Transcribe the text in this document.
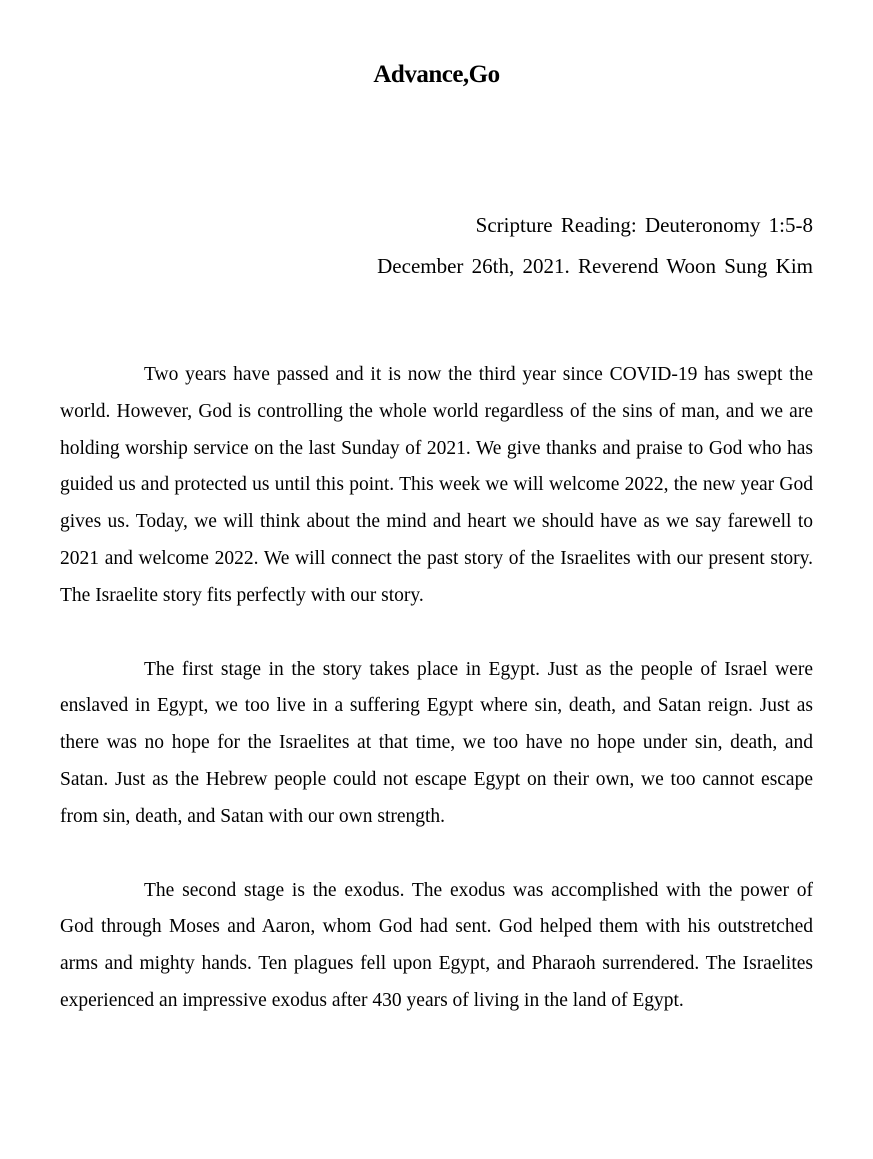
Advance,Go
Scripture Reading: Deuteronomy 1:5-8
December 26th, 2021. Reverend Woon Sung Kim

Two years have passed and it is now the third year since COVID-19 has swept the world. However, God is controlling the whole world regardless of the sins of man, and we are holding worship service on the last Sunday of 2021. We give thanks and praise to God who has guided us and protected us until this point. This week we will welcome 2022, the new year God gives us. Today, we will think about the mind and heart we should have as we say farewell to 2021 and welcome 2022. We will connect the past story of the Israelites with our present story. The Israelite story fits perfectly with our story.

The first stage in the story takes place in Egypt. Just as the people of Israel were enslaved in Egypt, we too live in a suffering Egypt where sin, death, and Satan reign. Just as there was no hope for the Israelites at that time, we too have no hope under sin, death, and Satan. Just as the Hebrew people could not escape Egypt on their own, we too cannot escape from sin, death, and Satan with our own strength.

The second stage is the exodus. The exodus was accomplished with the power of God through Moses and Aaron, whom God had sent. God helped them with his outstretched arms and mighty hands. Ten plagues fell upon Egypt, and Pharaoh surrendered. The Israelites experienced an impressive exodus after 430 years of living in the land of Egypt.
